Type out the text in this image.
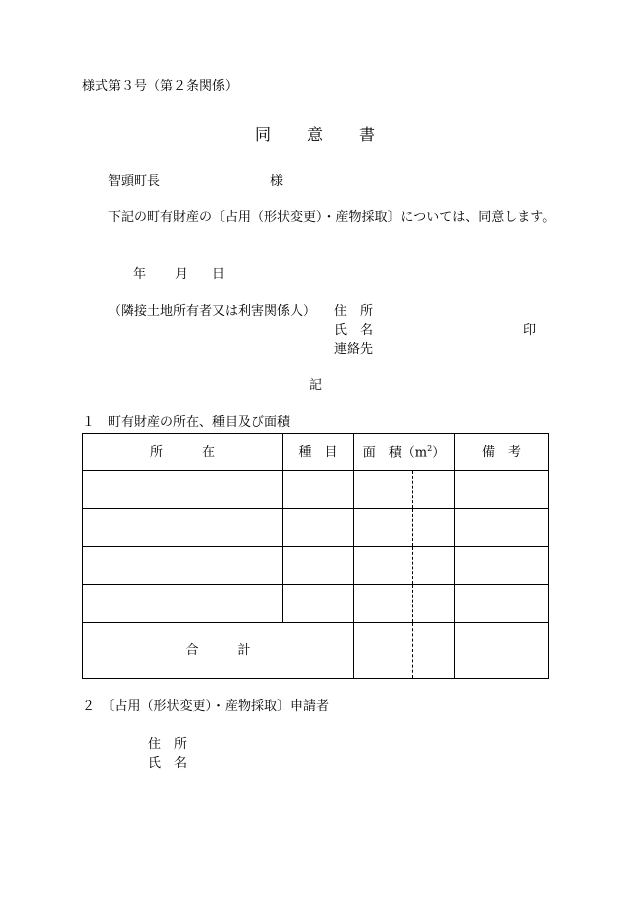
様式第３号（第２条関係）
同 意 書
智頭町長	様
下記の町有財産の〔占用（形状変更）・産物採取〕については、同意します。
年 月 日
（隣接土地所有者又は利害関係人） 住　所
氏　名	印
連絡先
記
１　町有財産の所在、種目及び面積
所　　　在	種　目	面　積$(m^2)$		備　考

合　　　計				
２　〔占用（形状変更）・産物採取〕申請者
住　所
氏　名
